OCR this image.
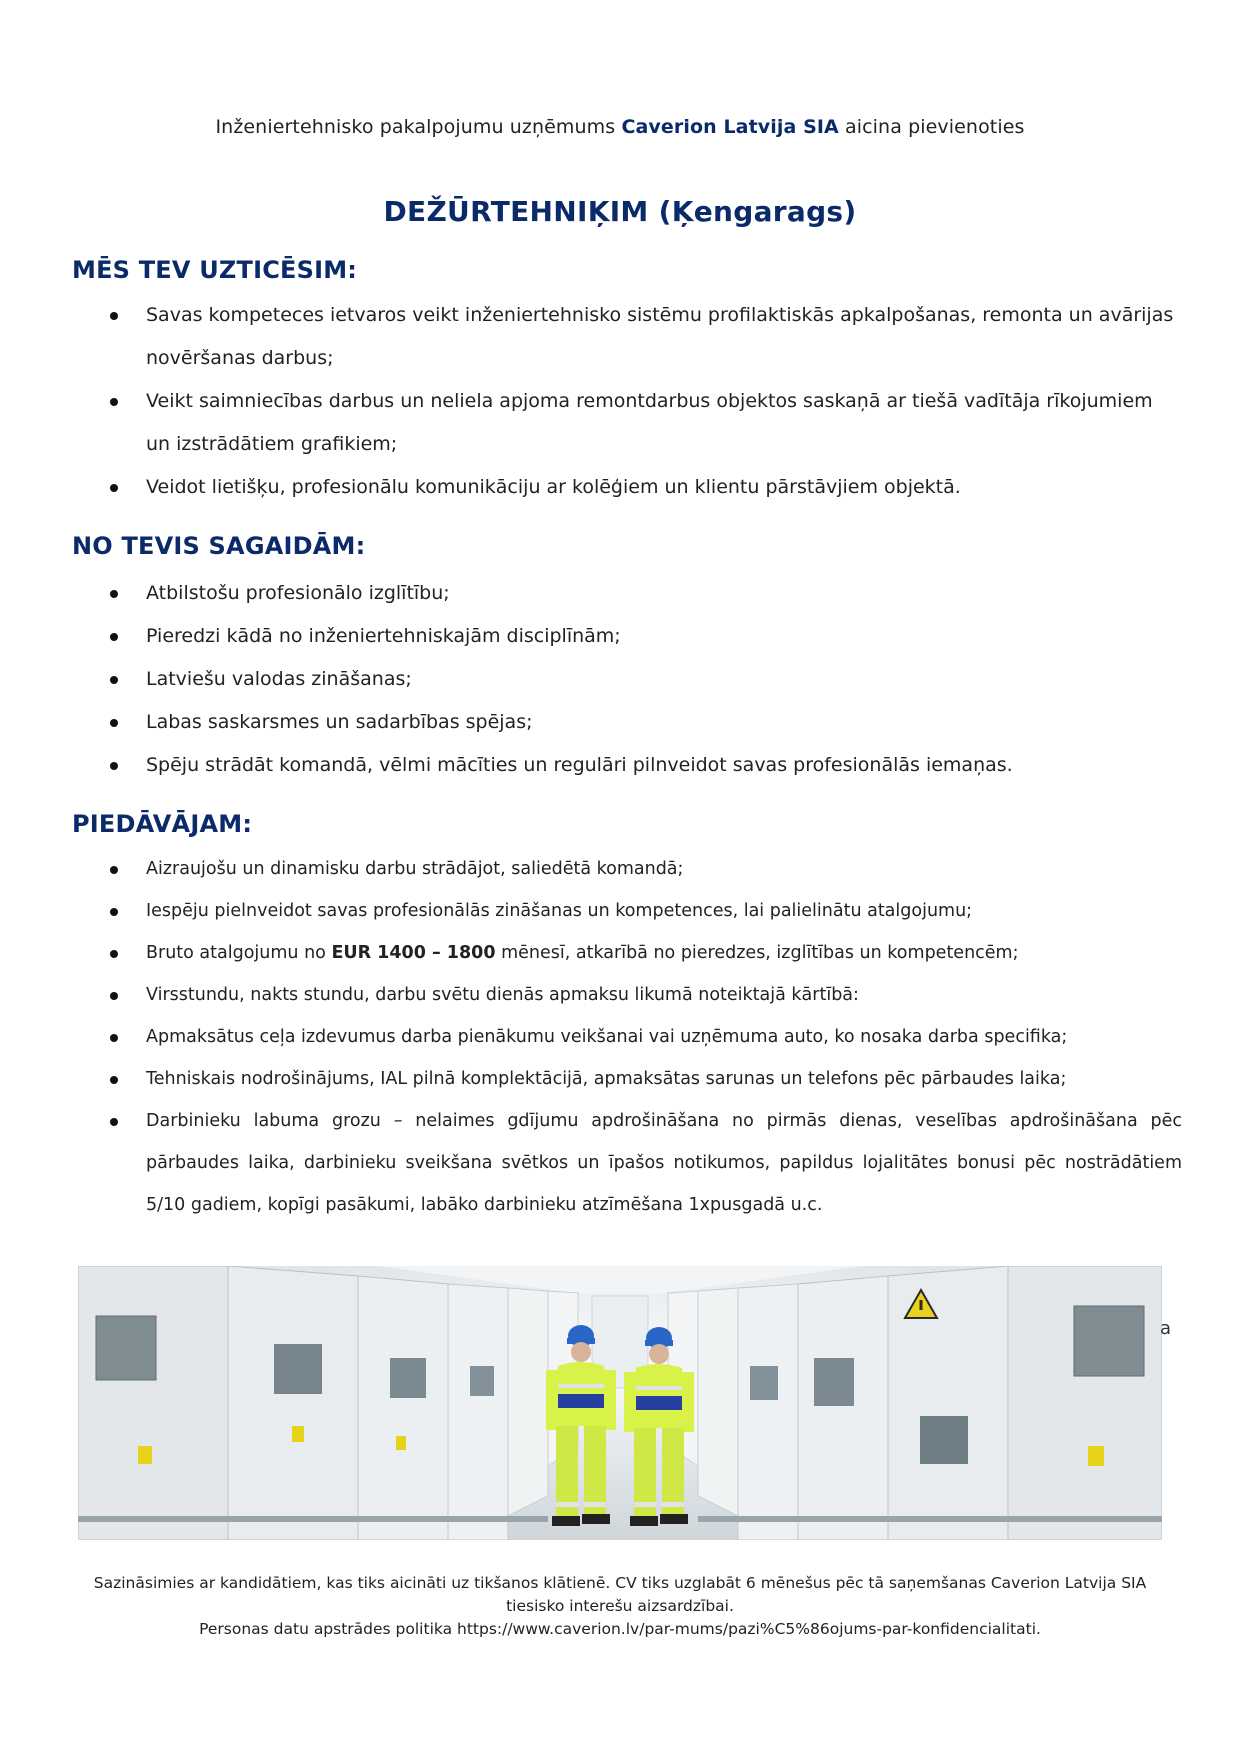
Inženiertehnisko pakalpojumu uzņēmums Caverion Latvija SIA aicina pievienoties
DEŽŪRTEHNIĶIM (Ķengarags)
MĒS TEV UZTICĒSIM:
Savas kompeteces ietvaros veikt inženiertehnisko sistēmu profilaktiskās apkalpošanas, remonta un avārijas novēršanas darbus;
Veikt saimniecības darbus un neliela apjoma remontdarbus objektos saskaņā ar tiešā vadītāja rīkojumiem un izstrādātiem grafikiem;
Veidot lietišķu, profesionālu komunikāciju ar kolēģiem un klientu pārstāvjiem objektā.
NO TEVIS SAGAIDĀM:
Atbilstošu profesionālo izglītību;
Pieredzi kādā no inženiertehniskajām disciplīnām;
Latviešu valodas zināšanas;
Labas saskarsmes un sadarbības spējas;
Spēju strādāt komandā, vēlmi mācīties un regulāri pilnveidot savas profesionālās iemaņas.
PIEDĀVĀJAM:
Aizraujošu un dinamisku darbu strādājot, saliedētā komandā;
Iespēju pielnveidot savas profesionālās zināšanas un kompetences, lai palielinātu atalgojumu;
Bruto atalgojumu no EUR 1400 – 1800 mēnesī, atkarībā no pieredzes, izglītības un kompetencēm;
Virsstundu, nakts stundu, darbu svētu dienās apmaksu likumā noteiktajā kārtībā:
Apmaksātus ceļa izdevumus darba pienākumu veikšanai vai uzņēmuma auto, ko nosaka darba specifika;
Tehniskais nodrošinājums, IAL pilnā komplektācijā, apmaksātas sarunas un telefons pēc pārbaudes laika;
Darbinieku labuma grozu – nelaimes gdījumu apdrošināšana no pirmās dienas, veselības apdrošināšana pēc pārbaudes laika, darbinieku sveikšana svētkos un īpašos notikumos, papildus lojalitātes bonusi pēc nostrādātiem 5/10 gadiem, kopīgi pasākumi, labāko darbinieku atzīmēšana 1xpusgadā u.c.
a
Sazināsimies ar kandidātiem, kas tiks aicināti uz tikšanos klātienē. CV tiks uzglabāt 6 mēnešus pēc tā saņemšanas Caverion Latvija SIA
tiesisko interešu aizsardzībai.
Personas datu apstrādes politika https://www.caverion.lv/par-mums/pazi%C5%86ojums-par-konfidencialitati.
